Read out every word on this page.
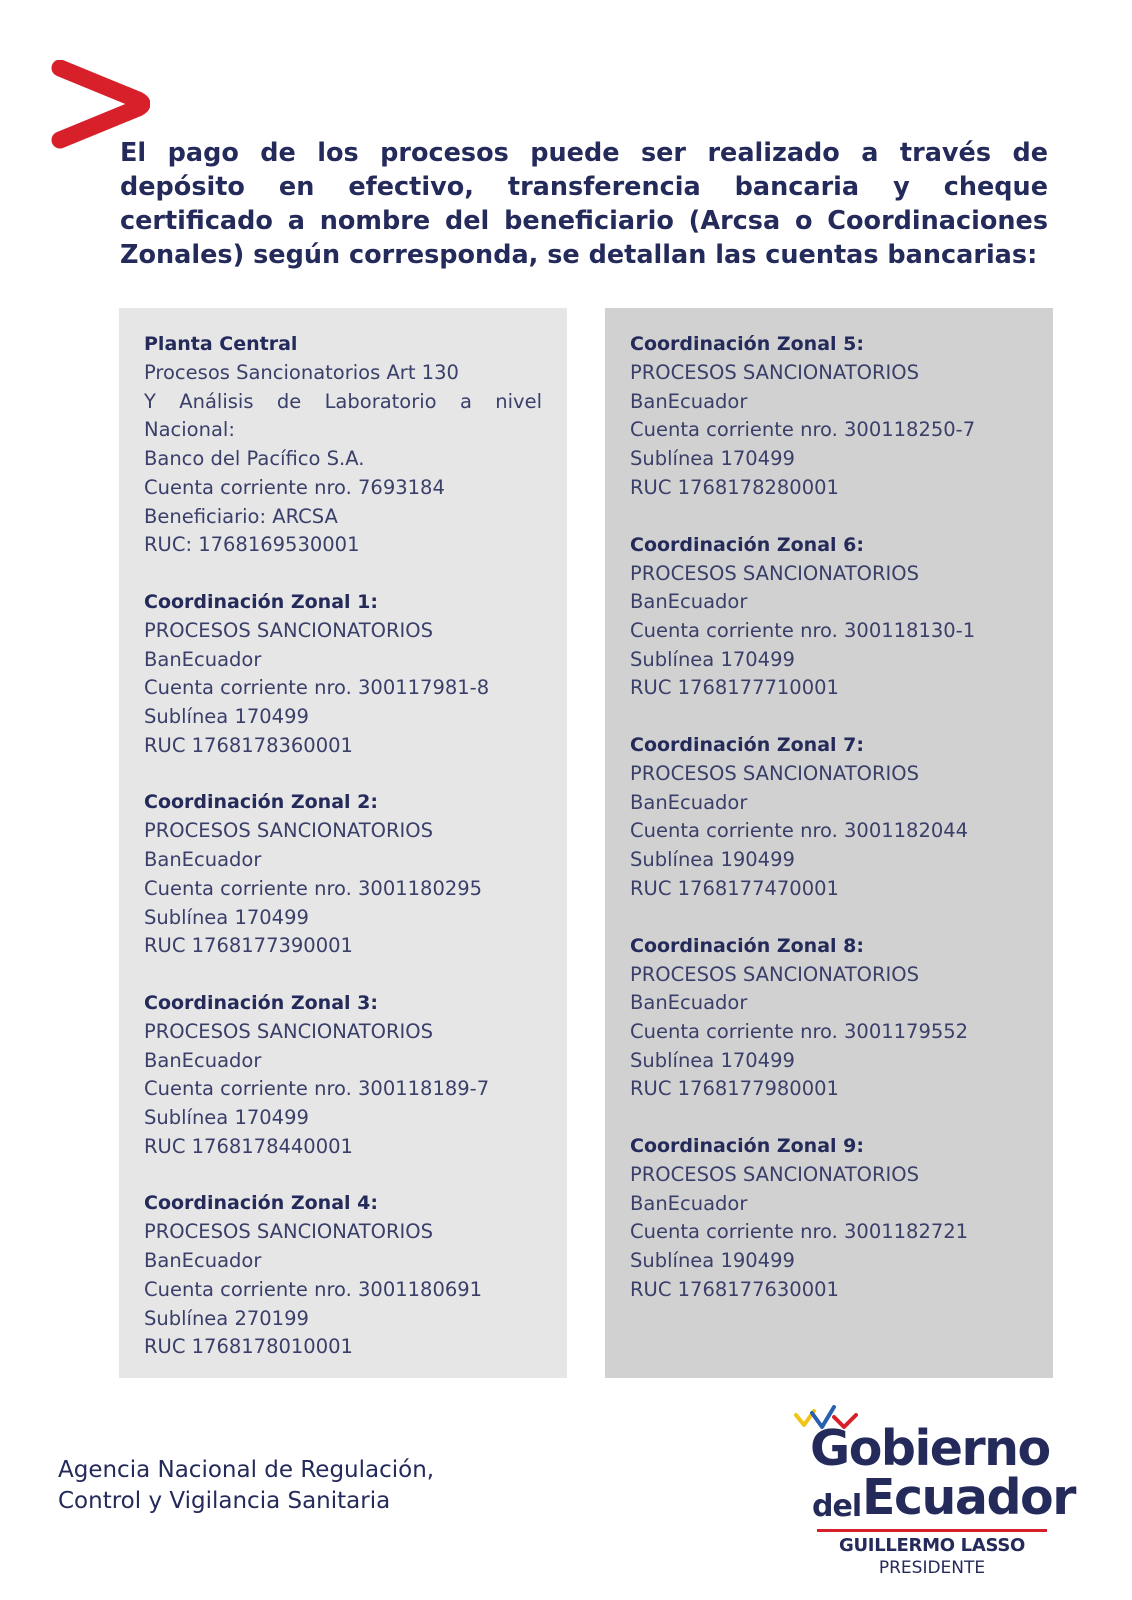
El pago de los procesos puede ser realizado a través de depósito en efectivo, transferencia bancaria y cheque certificado a nombre del beneficiario (Arcsa o Coordinaciones Zonales) según corresponda, se detallan las cuentas bancarias:

Planta Central
Procesos Sancionatorios Art 130
Y Análisis de Laboratorio a nivel
Nacional:
Banco del Pacífico S.A.
Cuenta corriente nro. 7693184
Beneficiario: ARCSA
RUC: 1768169530001
Coordinación Zonal 1:
PROCESOS SANCIONATORIOS
BanEcuador
Cuenta corriente nro. 300117981-8
Sublínea 170499
RUC 1768178360001
Coordinación Zonal 2:
PROCESOS SANCIONATORIOS
BanEcuador
Cuenta corriente nro. 3001180295
Sublínea 170499
RUC 1768177390001
Coordinación Zonal 3:
PROCESOS SANCIONATORIOS
BanEcuador
Cuenta corriente nro. 300118189-7
Sublínea 170499
RUC 1768178440001
Coordinación Zonal 4:
PROCESOS SANCIONATORIOS
BanEcuador
Cuenta corriente nro. 3001180691
Sublínea 270199
RUC 1768178010001
Coordinación Zonal 5:
PROCESOS SANCIONATORIOS
BanEcuador
Cuenta corriente nro. 300118250-7
Sublínea 170499
RUC 1768178280001
Coordinación Zonal 6:
PROCESOS SANCIONATORIOS
BanEcuador
Cuenta corriente nro. 300118130-1
Sublínea 170499
RUC 1768177710001
Coordinación Zonal 7:
PROCESOS SANCIONATORIOS
BanEcuador
Cuenta corriente nro. 3001182044
Sublínea 190499
RUC 1768177470001
Coordinación Zonal 8:
PROCESOS SANCIONATORIOS
BanEcuador
Cuenta corriente nro. 3001179552
Sublínea 170499
RUC 1768177980001
Coordinación Zonal 9:
PROCESOS SANCIONATORIOS
BanEcuador
Cuenta corriente nro. 3001182721
Sublínea 190499
RUC 1768177630001
Agencia Nacional de Regulación,
Control y Vigilancia Sanitaria
Gobierno
del Ecuador
GUILLERMO LASSO
PRESIDENTE
